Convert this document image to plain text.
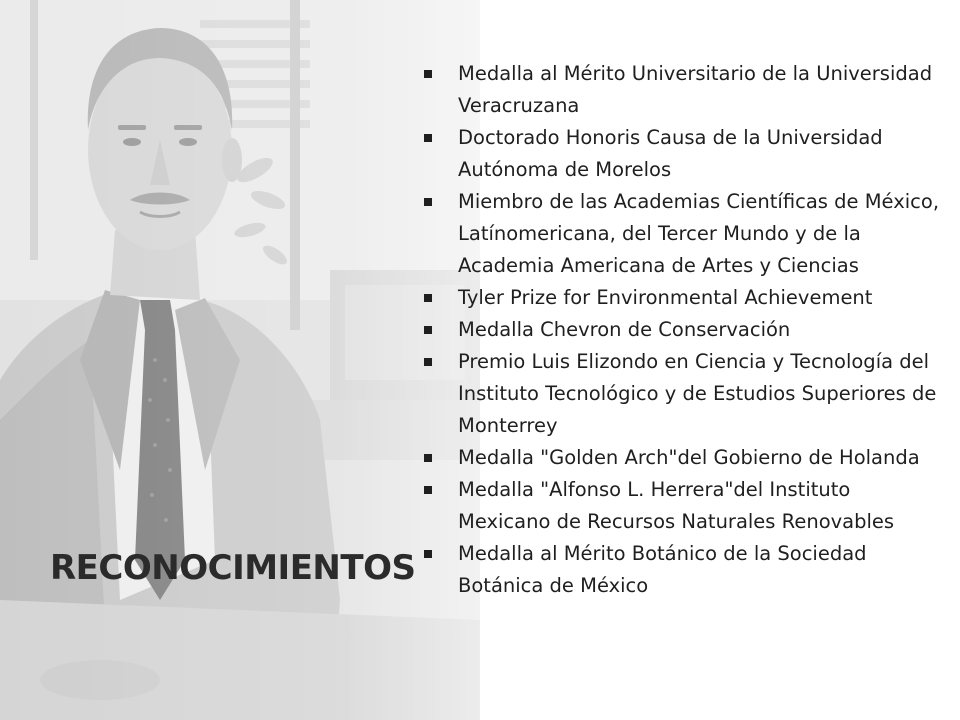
RECONOCIMIENTOS
Medalla al Mérito Universitario de la Universidad Veracruzana
Doctorado Honoris Causa de la Universidad Autónoma de Morelos
Miembro de las Academias Científicas de México, Latínomericana, del Tercer Mundo y de la Academia Americana de Artes y Ciencias
Tyler Prize for Environmental Achievement
Medalla Chevron de Conservación
Premio Luis Elizondo en Ciencia y Tecnología del Instituto Tecnológico y de Estudios Superiores de Monterrey
Medalla "Golden Arch"del Gobierno de Holanda
Medalla "Alfonso L. Herrera"del Instituto Mexicano de Recursos Naturales Renovables
Medalla al Mérito Botánico de la Sociedad Botánica de México
